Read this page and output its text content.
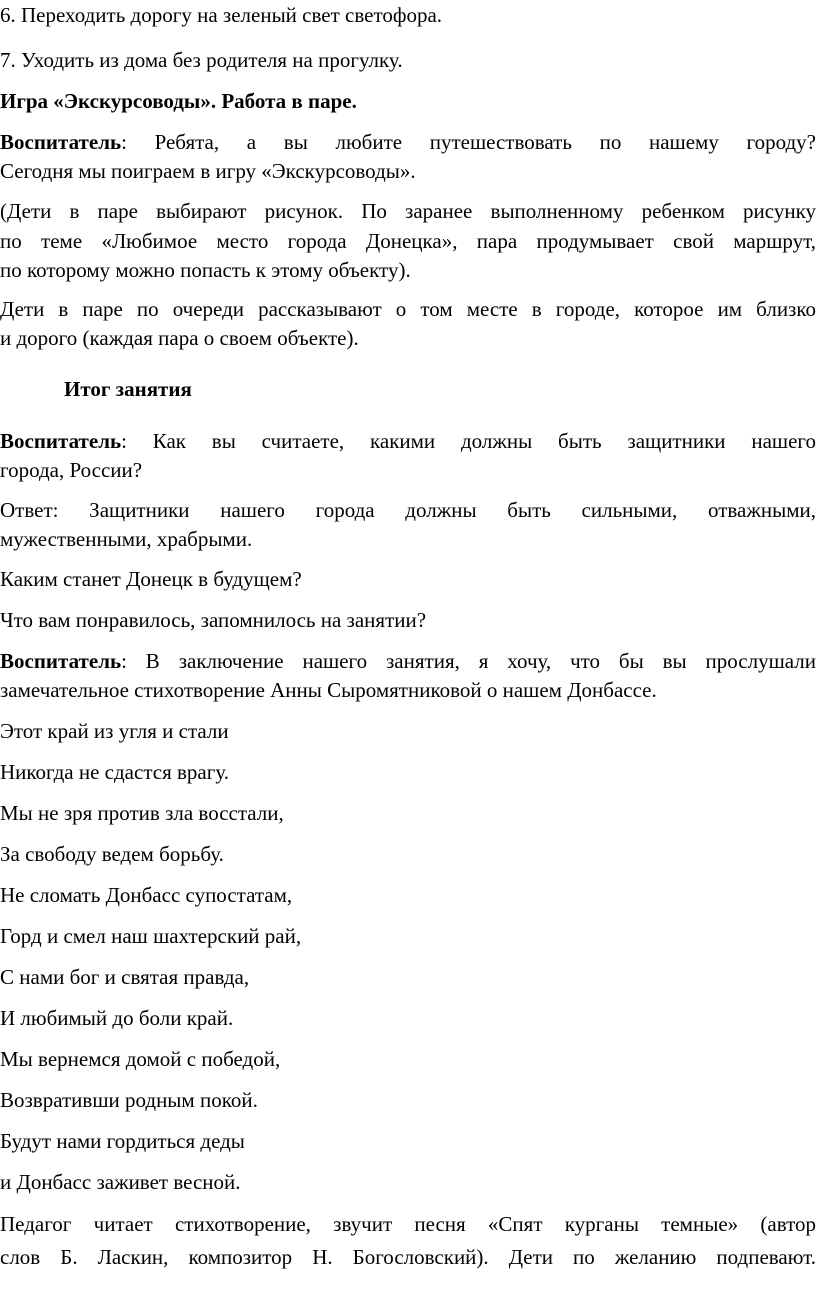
6. Переходить дорогу на зеленый свет светофора.

7. Уходить из дома без родителя на прогулку.

Игра «Экскурсоводы». Работа в паре.

Воспитатель: Ребята, а вы любите путешествовать по нашему городу?

Сегодня мы поиграем в игру «Экскурсоводы».

(Дети в паре выбирают рисунок. По заранее выполненному ребенком рисунку

по теме «Любимое место города Донецка», пара продумывает свой маршрут,

по которому можно попасть к этому объекту).

Дети в паре по очереди рассказывают о том месте в городе, которое им близко

и дорого (каждая пара о своем объекте).

Итог занятия

Воспитатель: Как вы считаете, какими должны быть защитники нашего

города, России?

Ответ: Защитники нашего города должны быть сильными, отважными,

мужественными, храбрыми.

Каким станет Донецк в будущем?

Что вам понравилось, запомнилось на занятии?

Воспитатель: В заключение нашего занятия, я хочу, что бы вы прослушали

замечательное стихотворение Анны Сыромятниковой о нашем Донбассе.

Этот край из угля и стали

Никогда не сдастся врагу.

Мы не зря против зла восстали,

За свободу ведем борьбу.

Не сломать Донбасс супостатам,

Горд и смел наш шахтерский рай,

С нами бог и святая правда,

И любимый до боли край.

Мы вернемся домой с победой,

Возвративши родным покой.

Будут нами гордиться деды

и Донбасс заживет весной.

Педагог читает стихотворение, звучит песня «Спят курганы темные» (автор

слов Б. Ласкин, композитор Н. Богословский). Дети по желанию подпевают.
